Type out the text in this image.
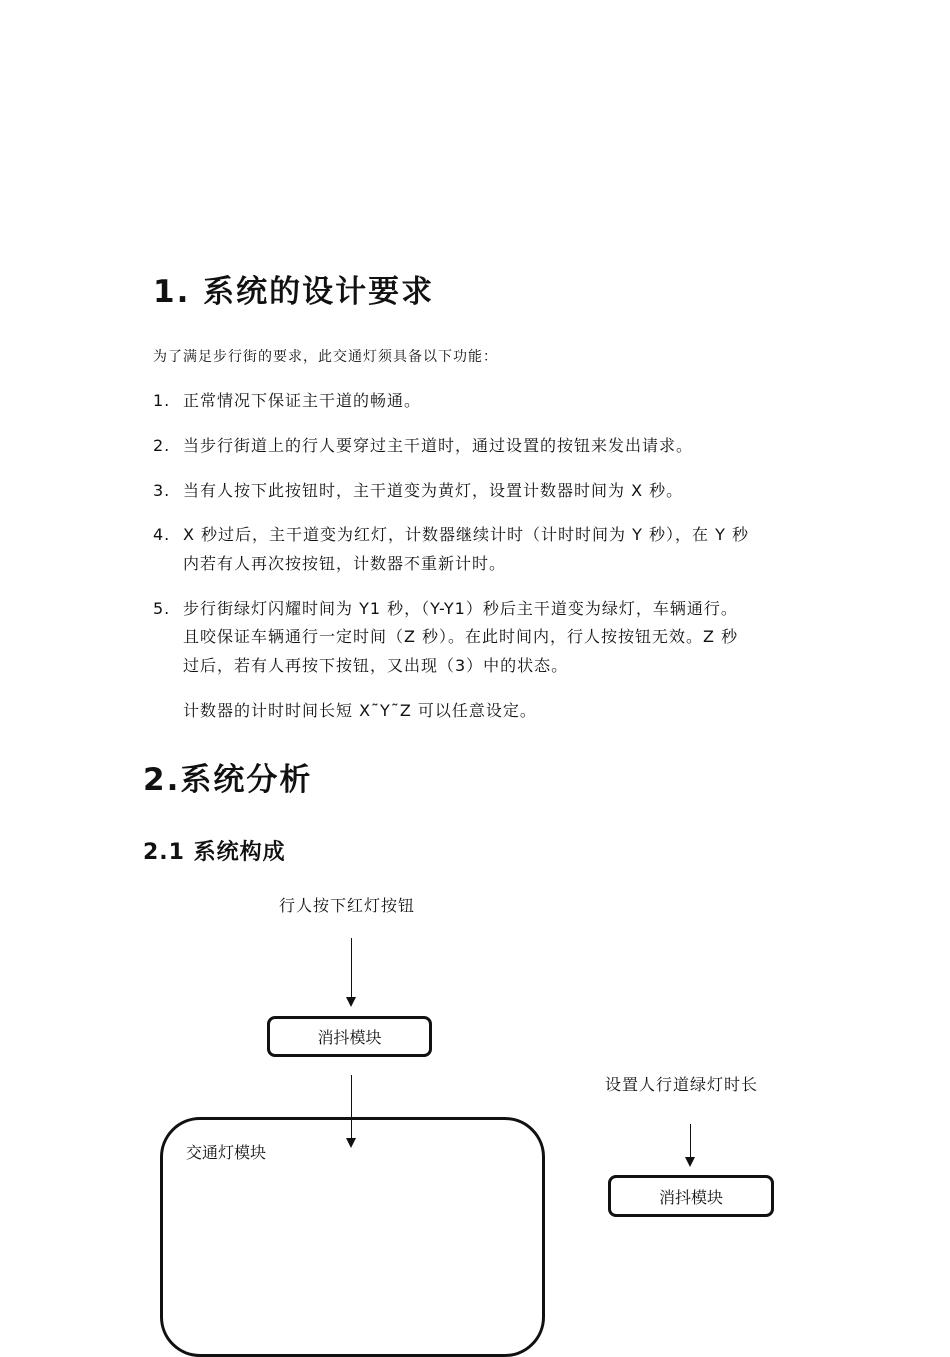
1. 系统的设计要求
为了满足步行街的要求，此交通灯须具备以下功能：
1. 正常情况下保证主干道的畅通。
2. 当步行街道上的行人要穿过主干道时，通过设置的按钮来发出请求。
3. 当有人按下此按钮时，主干道变为黄灯，设置计数器时间为 X 秒。
4. X 秒过后，主干道变为红灯，计数器继续计时（计时时间为 Y 秒），在 Y 秒
内若有人再次按按钮，计数器不重新计时。
5. 步行街绿灯闪耀时间为 Y1 秒，（Y-Y1）秒后主干道变为绿灯，车辆通行。
且咬保证车辆通行一定时间（Z 秒）。在此时间内，行人按按钮无效。Z 秒
过后，若有人再按下按钮，又出现（3）中的状态。
计数器的计时时间长短 X˜Y˜Z 可以任意设定。
2.系统分析
2.1 系统构成
行人按下红灯按钮
消抖模块
交通灯模块
设置人行道绿灯时长
消抖模块
